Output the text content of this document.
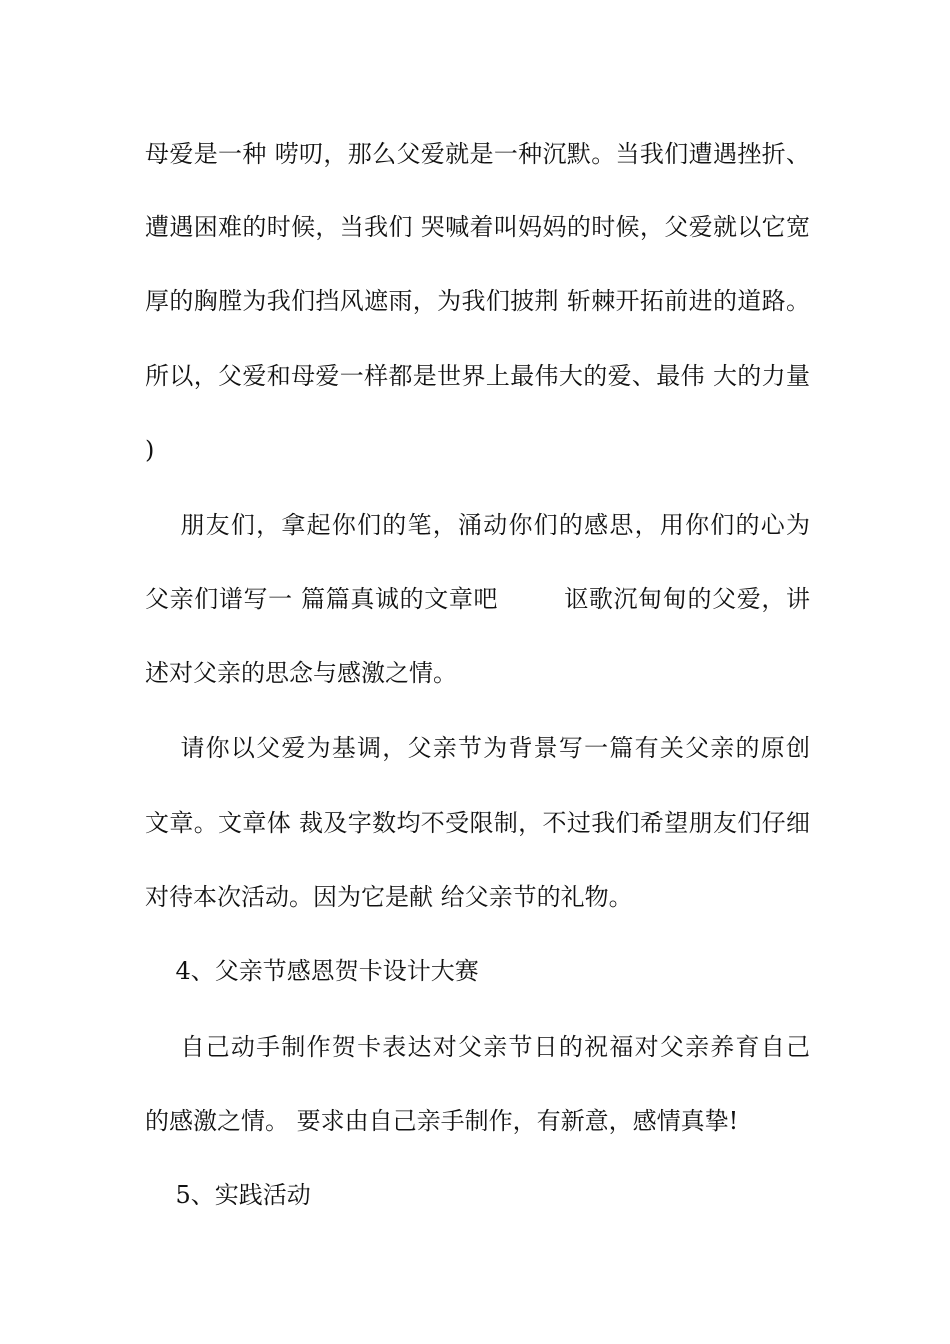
母爱是一种 唠叨，那么父爱就是一种沉默。当我们遭遇挫折、
遭遇困难的时候，当我们 哭喊着叫妈妈的时候，父爱就以它宽
厚的胸膛为我们挡风遮雨，为我们披荆 斩棘开拓前进的道路。
所以，父爱和母爱一样都是世界上最伟大的爱、最伟 大的力量
)
朋友们，拿起你们的笔，涌动你们的感思，用你们的心为
父亲们谱写一 篇篇真诚的文章吧        讴歌沉甸甸的父爱，讲
述对父亲的思念与感激之情。
请你以父爱为基调，父亲节为背景写一篇有关父亲的原创
文章。文章体 裁及字数均不受限制，不过我们希望朋友们仔细
对待本次活动。因为它是献 给父亲节的礼物。
4、父亲节感恩贺卡设计大赛
自己动手制作贺卡表达对父亲节日的祝福对父亲养育自己
的感激之情。 要求由自己亲手制作，有新意，感情真挚!
5、实践活动
